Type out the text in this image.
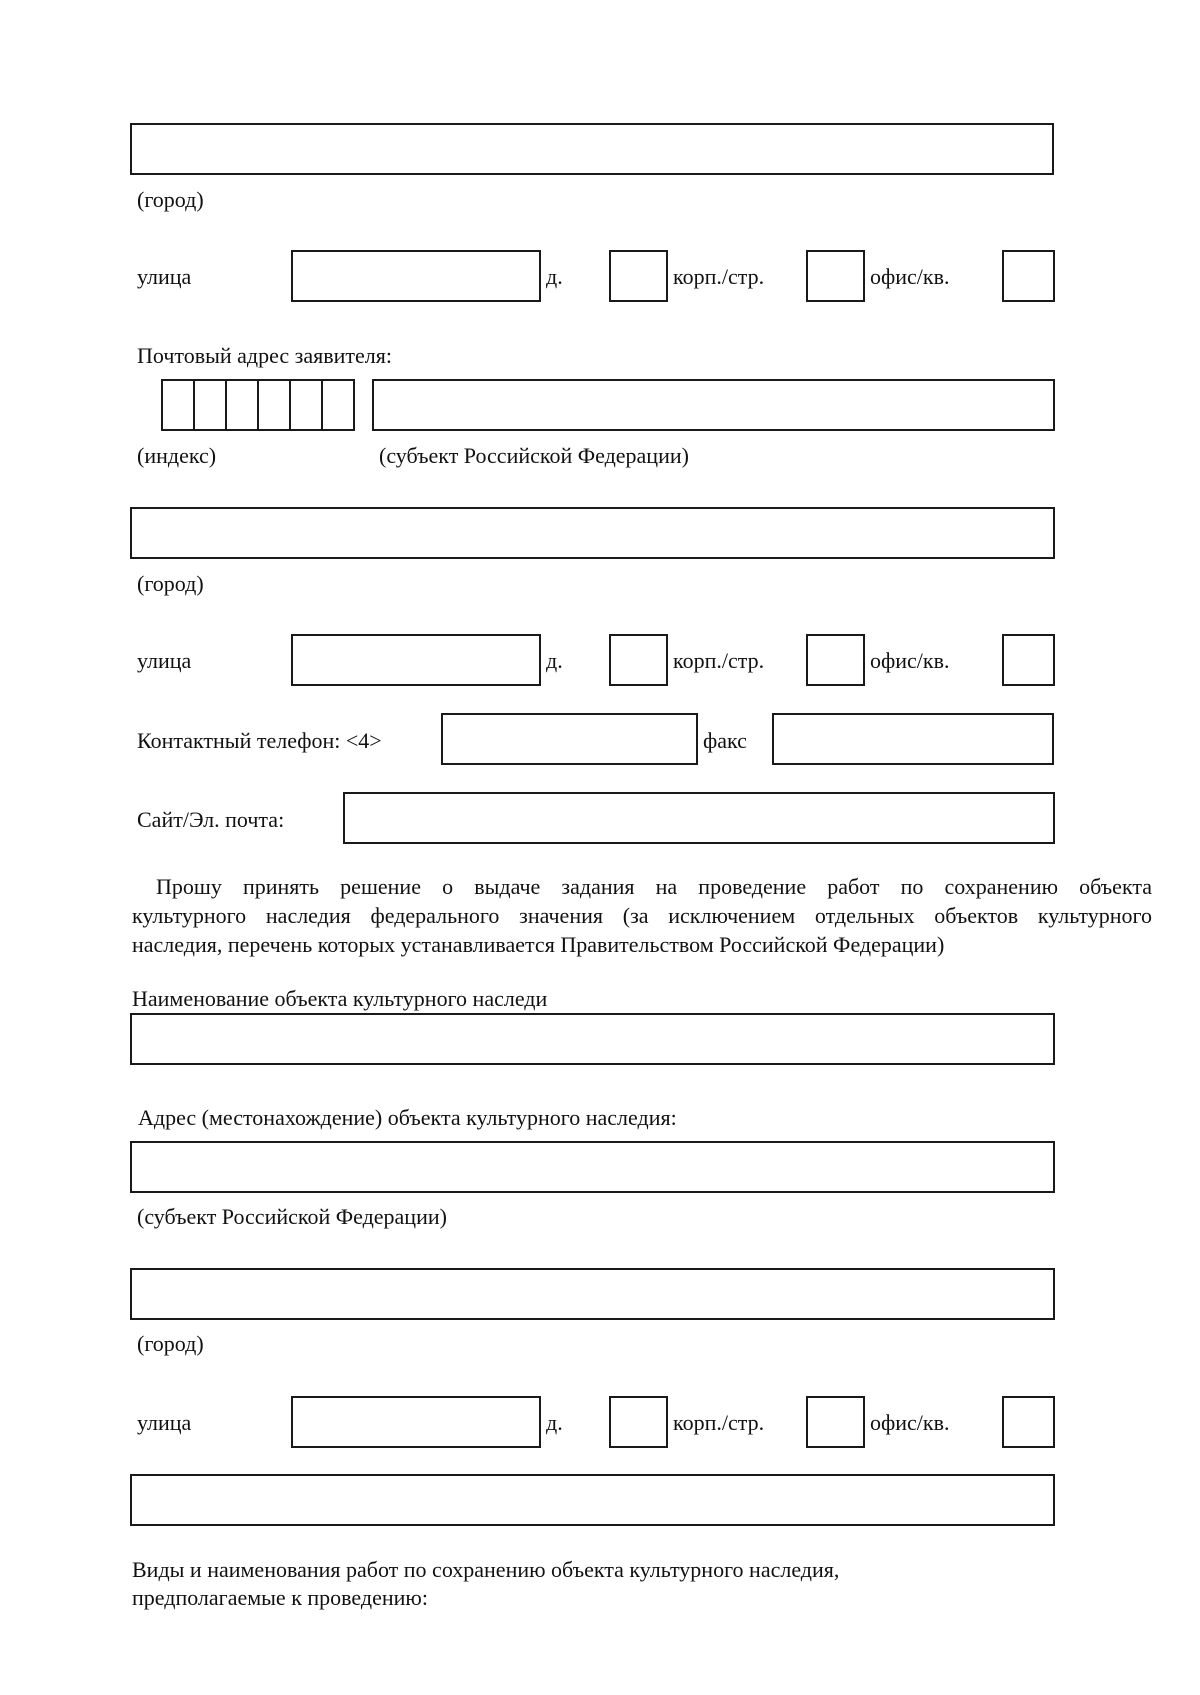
(город)
улица	д.	корп./стр.	офис/кв.
Почтовый адрес заявителя:
(индекс)	(субъект Российской Федерации)
(город)
улица	д.	корп./стр.	офис/кв.
Контактный телефон: <4>	факс
Сайт/Эл. почта:
Прошу принять решение о выдаче задания на проведение работ по сохранению объекта
культурного наследия федерального значения (за исключением отдельных объектов культурного
наследия, перечень которых устанавливается Правительством Российской Федерации)
Наименование объекта культурного наследи
Адрес (местонахождение) объекта культурного наследия:
(субъект Российской Федерации)
(город)
улица	д.	корп./стр.	офис/кв.
Виды и наименования работ по сохранению объекта культурного наследия,
предполагаемые к проведению:
